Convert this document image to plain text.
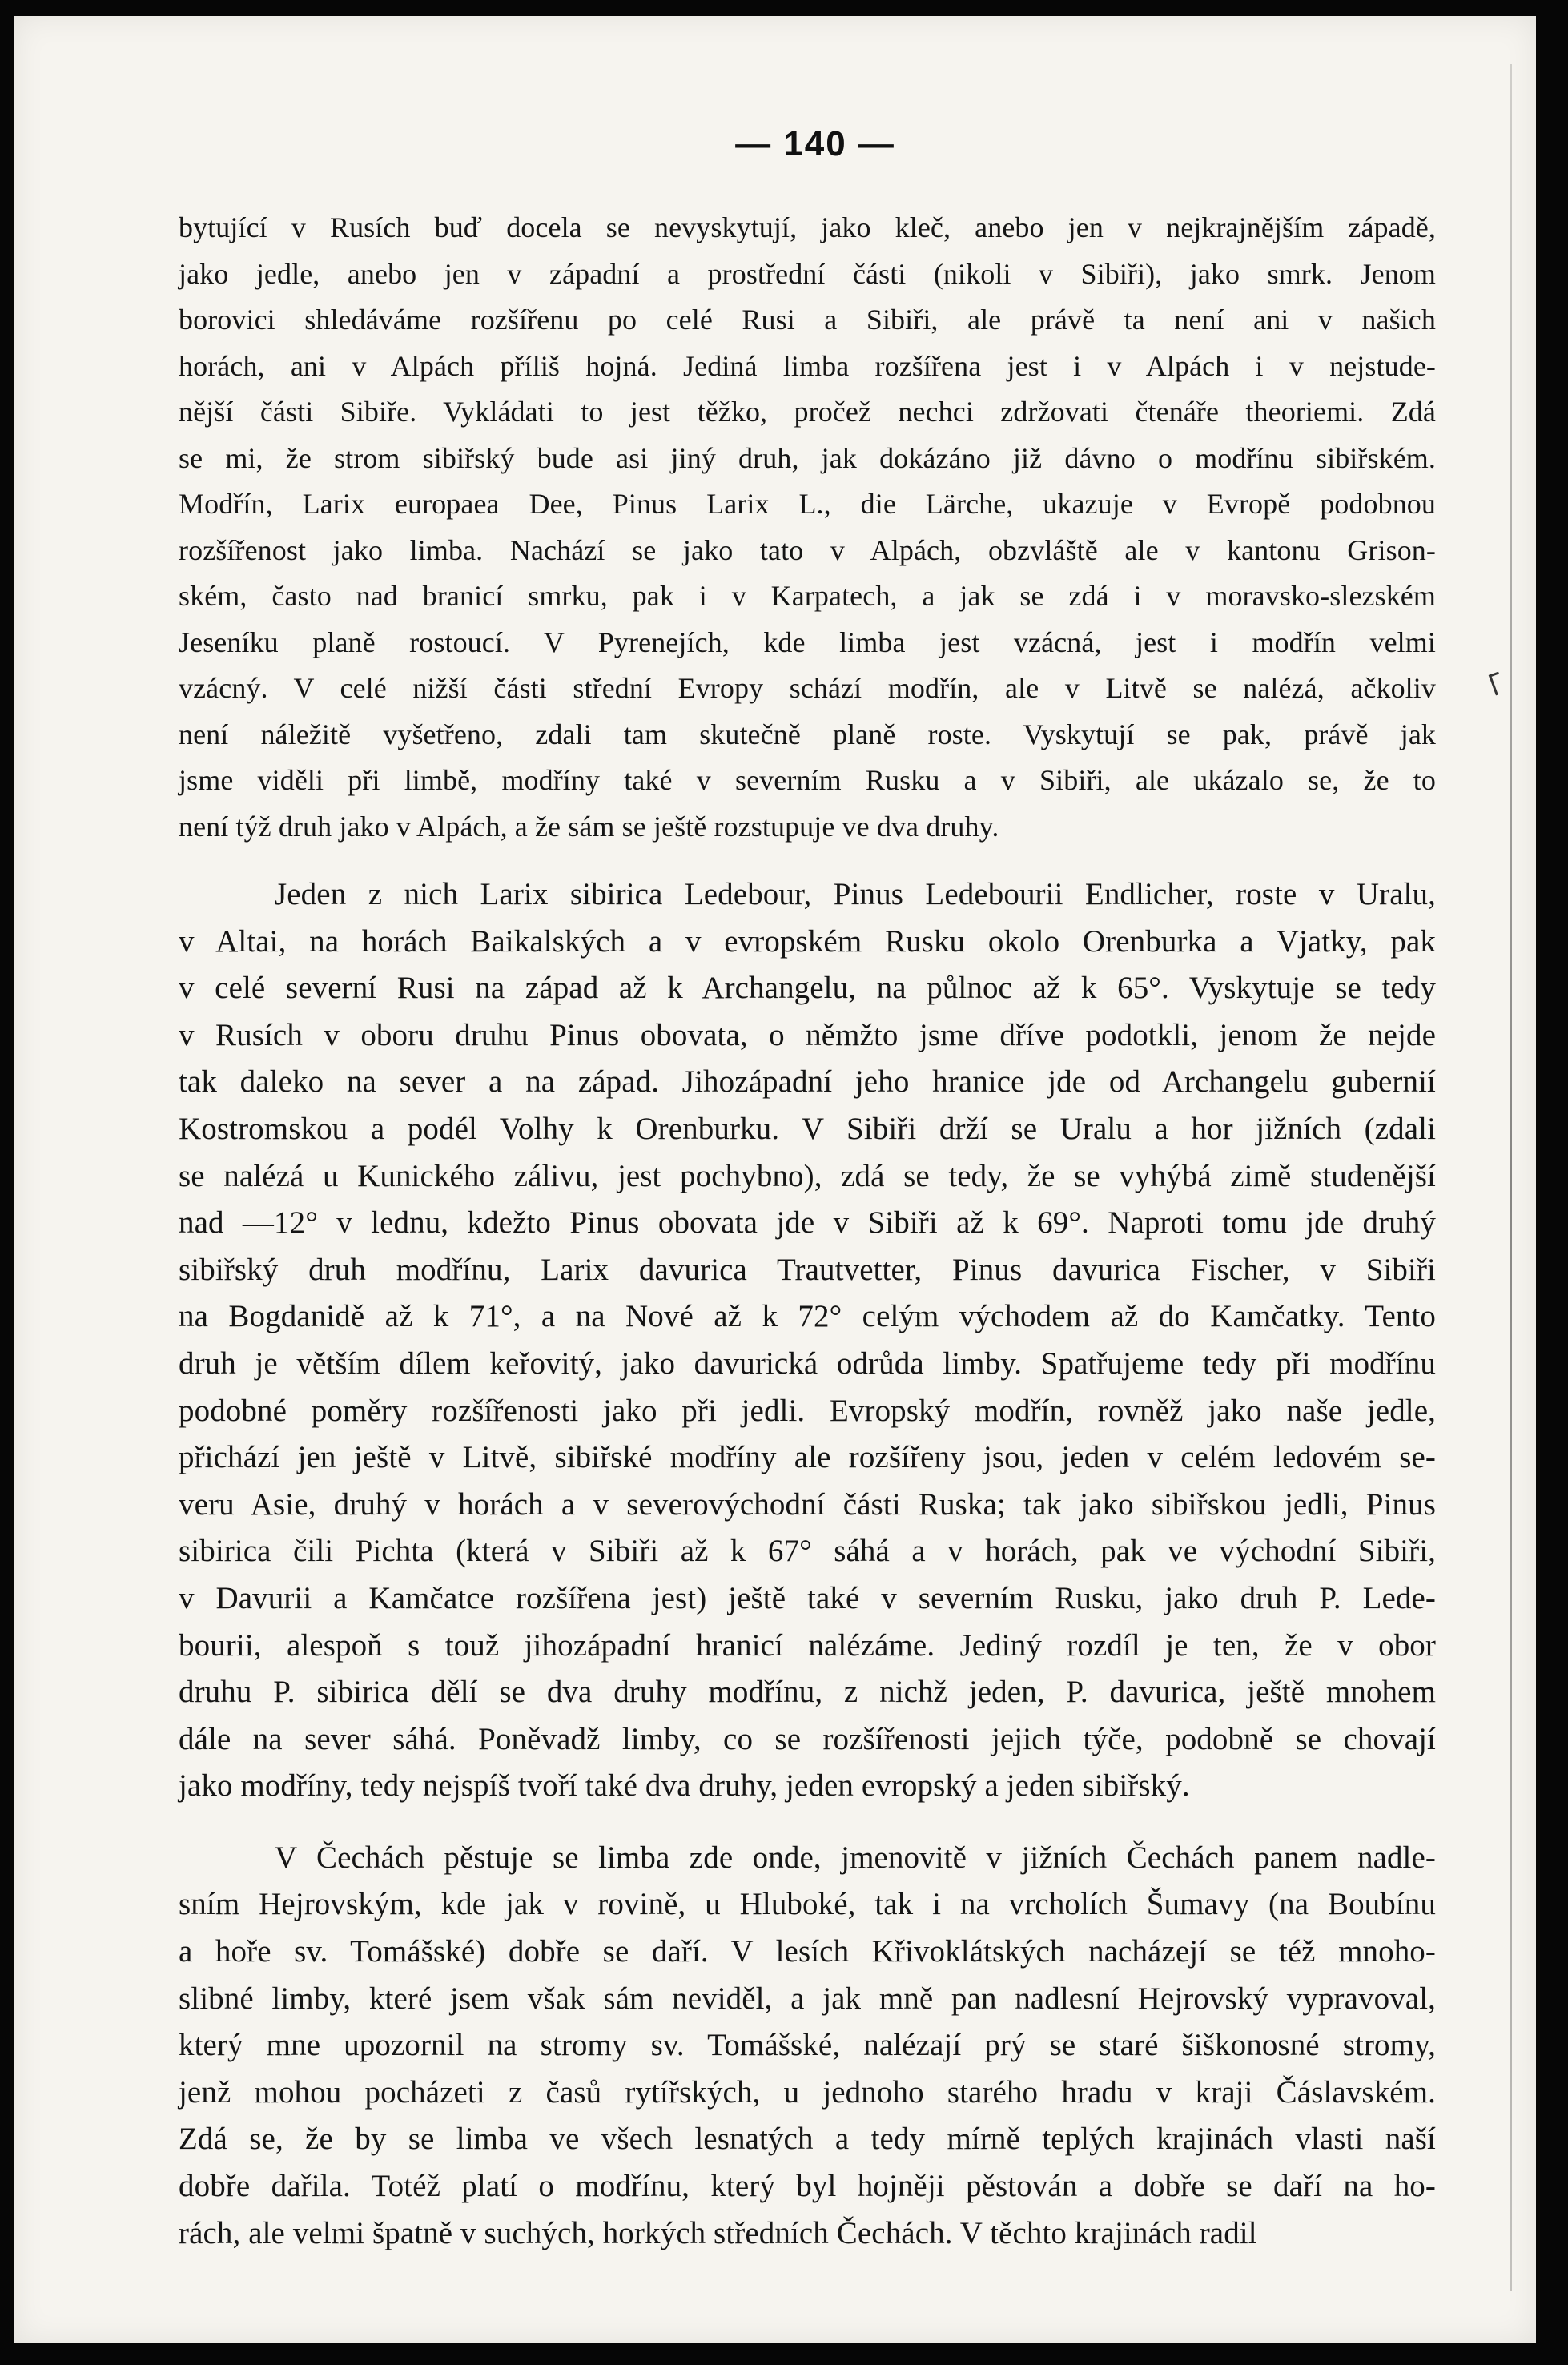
— 140 —

bytující v Rusích buď docela se nevyskytují, jako kleč, anebo jen v nejkrajnějším západě,
jako jedle, anebo jen v západní a prostřední části (nikoli v Sibiři), jako smrk. Jenom
borovici shledáváme rozšířenu po celé Rusi a Sibiři, ale právě ta není ani v našich
horách, ani v Alpách příliš hojná. Jediná limba rozšířena jest i v Alpách i v nejstude-
nější části Sibiře. Vykládati to jest těžko, pročež nechci zdržovati čtenáře theoriemi. Zdá
se mi, že strom sibiřský bude asi jiný druh, jak dokázáno již dávno o modřínu sibiřském.
Modřín, Larix europaea Dee, Pinus Larix L., die Lärche, ukazuje v Evropě podobnou
rozšířenost jako limba. Nachází se jako tato v Alpách, obzvláště ale v kantonu Grison-
ském, často nad branicí smrku, pak i v Karpatech, a jak se zdá i v moravsko-slezském
Jeseníku planě rostoucí. V Pyrenejích, kde limba jest vzácná, jest i modřín velmi
vzácný. V celé nižší části střední Evropy schází modřín, ale v Litvě se nalézá, ačkoliv
není náležitě vyšetřeno, zdali tam skutečně planě roste. Vyskytují se pak, právě jak
jsme viděli při limbě, modříny také v severním Rusku a v Sibiři, ale ukázalo se, že to
není týž druh jako v Alpách, a že sám se ještě rozstupuje ve dva druhy.

Jeden z nich Larix sibirica Ledebour, Pinus Ledebourii Endlicher, roste v Uralu,
v Altai, na horách Baikalských a v evropském Rusku okolo Orenburka a Vjatky, pak
v celé severní Rusi na západ až k Archangelu, na půlnoc až k 65°. Vyskytuje se tedy
v Rusích v oboru druhu Pinus obovata, o němžto jsme dříve podotkli, jenom že nejde
tak daleko na sever a na západ. Jihozápadní jeho hranice jde od Archangelu gubernií
Kostromskou a podél Volhy k Orenburku. V Sibiři drží se Uralu a hor jižních (zdali
se nalézá u Kunického zálivu, jest pochybno), zdá se tedy, že se vyhýbá zimě studenější
nad —12° v lednu, kdežto Pinus obovata jde v Sibiři až k 69°. Naproti tomu jde druhý
sibiřský druh modřínu, Larix davurica Trautvetter, Pinus davurica Fischer, v Sibiři
na Bogdanidě až k 71°, a na Nové až k 72° celým východem až do Kamčatky. Tento
druh je větším dílem keřovitý, jako davurická odrůda limby. Spatřujeme tedy při modřínu
podobné poměry rozšířenosti jako při jedli. Evropský modřín, rovněž jako naše jedle,
přichází jen ještě v Litvě, sibiřské modříny ale rozšířeny jsou, jeden v celém ledovém se-
veru Asie, druhý v horách a v severovýchodní části Ruska; tak jako sibiřskou jedli, Pinus
sibirica čili Pichta (která v Sibiři až k 67° sáhá a v horách, pak ve východní Sibiři,
v Davurii a Kamčatce rozšířena jest) ještě také v severním Rusku, jako druh P. Lede-
bourii, alespoň s touž jihozápadní hranicí nalézáme. Jediný rozdíl je ten, že v obor
druhu P. sibirica dělí se dva druhy modřínu, z nichž jeden, P. davurica, ještě mnohem
dále na sever sáhá. Poněvadž limby, co se rozšířenosti jejich týče, podobně se chovají
jako modříny, tedy nejspíš tvoří také dva druhy, jeden evropský a jeden sibiřský.

V Čechách pěstuje se limba zde onde, jmenovitě v jižních Čechách panem nadle-
sním Hejrovským, kde jak v rovině, u Hluboké, tak i na vrcholích Šumavy (na Boubínu
a hoře sv. Tomášské) dobře se daří. V lesích Křivoklátských nacházejí se též mnoho-
slibné limby, které jsem však sám neviděl, a jak mně pan nadlesní Hejrovský vypravoval,
který mne upozornil na stromy sv. Tomášské, nalézají prý se staré šiškonosné stromy,
jenž mohou pocházeti z časů rytířských, u jednoho starého hradu v kraji Čáslavském.
Zdá se, že by se limba ve všech lesnatých a tedy mírně teplých krajinách vlasti naší
dobře dařila. Totéž platí o modřínu, který byl hojněji pěstován a dobře se daří na ho-
rách, ale velmi špatně v suchých, horkých středních Čechách. V těchto krajinách radil
